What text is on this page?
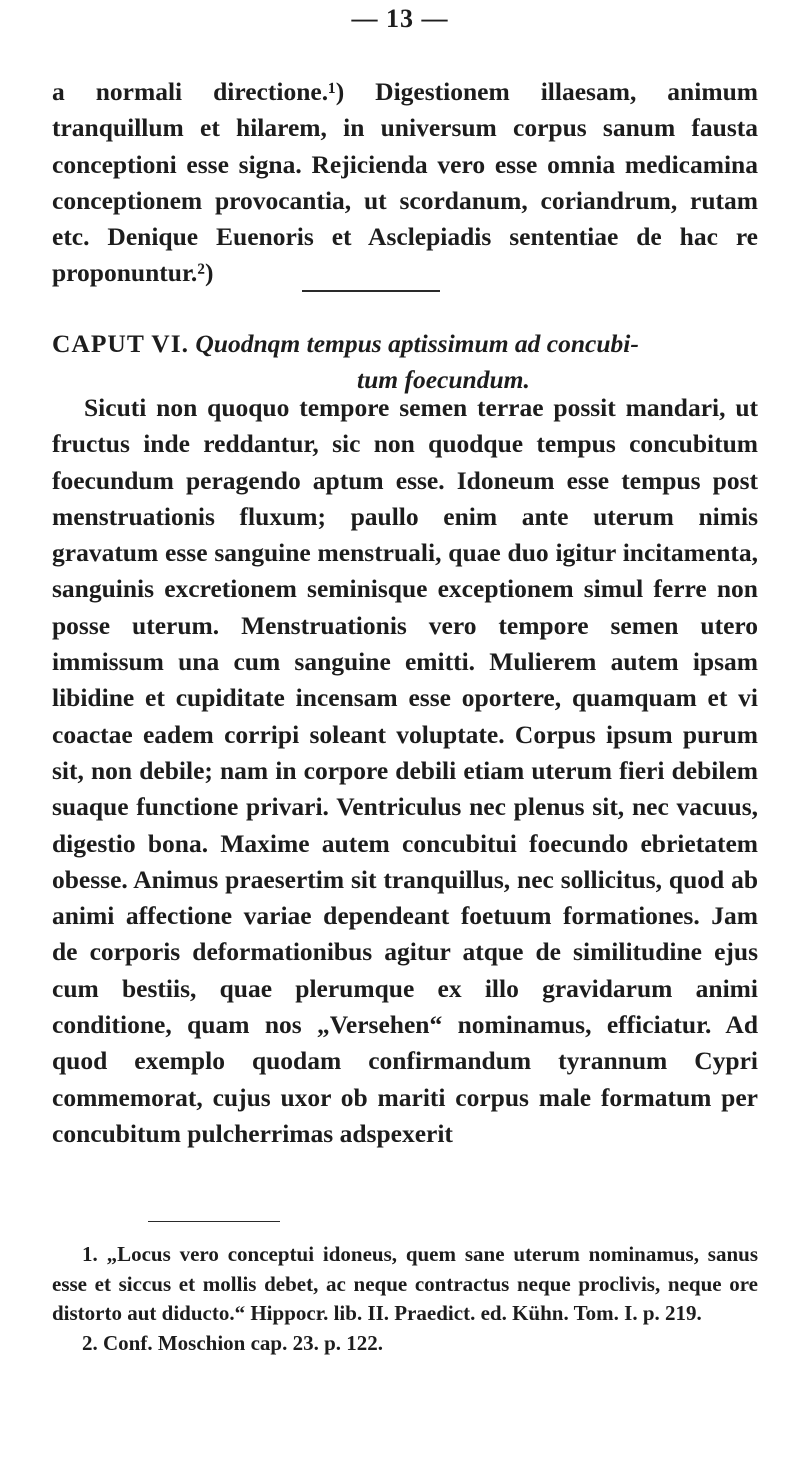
— 13 —

a normali directione.¹) Digestionem illaesam, animum tranquillum et hilarem, in universum corpus sanum fausta conceptioni esse signa. Rejicienda vero esse omnia medicamina conceptionem provocantia, ut scordanum, coriandrum, rutam etc. Denique Euenoris et Asclepiadis sententiae de hac re proponuntur.²)

CAPUT VI. Quodnqm tempus aptissimum ad concubi-
tum foecundum.

Sicuti non quoquo tempore semen terrae possit mandari, ut fructus inde reddantur, sic non quodque tempus concubitum foecundum peragendo aptum esse. Idoneum esse tempus post menstruationis fluxum; paullo enim ante uterum nimis gravatum esse sanguine menstruali, quae duo igitur incitamenta, sanguinis excretionem seminisque exceptionem simul ferre non posse uterum. Menstruationis vero tempore semen utero immissum una cum sanguine emitti. Mulierem autem ipsam libidine et cupiditate incensam esse oportere, quamquam et vi coactae eadem corripi soleant voluptate. Corpus ipsum purum sit, non debile; nam in corpore debili etiam uterum fieri debilem suaque functione privari. Ventriculus nec plenus sit, nec vacuus, digestio bona. Maxime autem concubitui foecundo ebrietatem obesse. Animus praesertim sit tranquillus, nec sollicitus, quod ab animi affectione variae dependeant foetuum formationes. Jam de corporis deformationibus agitur atque de similitudine ejus cum bestiis, quae plerumque ex illo gravidarum animi conditione, quam nos „Versehen“ nominamus, efficiatur. Ad quod exemplo quodam confirmandum tyrannum Cypri commemorat, cujus uxor ob mariti corpus male formatum per concubitum pulcherrimas adspexerit

1. „Locus vero conceptui idoneus, quem sane uterum nominamus, sanus esse et siccus et mollis debet, ac neque contractus neque proclivis, neque ore distorto aut diducto.“ Hippocr. lib. II. Praedict. ed. Kühn. Tom. I. p. 219.

2. Conf. Moschion cap. 23. p. 122.
